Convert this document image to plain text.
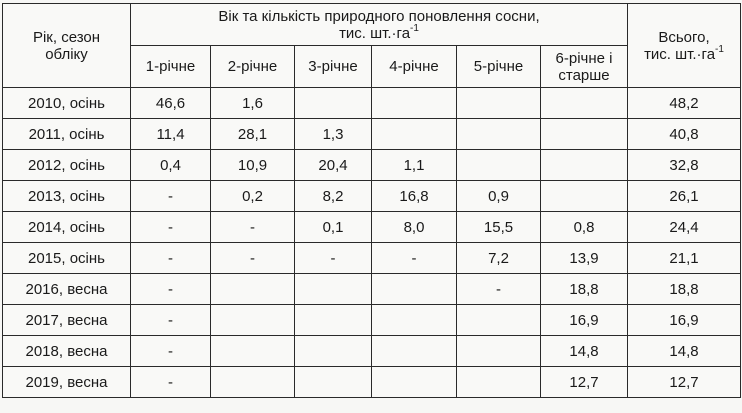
Рік, сезон
обліку	Вік та кількість природного поновлення сосни,
тис. $шт.\cdot га^{-1}$						Всього,
тис. $шт.\cdot га^{-1}$

	1-річне	2-річне	3-річне	4-річне	5-річне	6-річне і
старше	

2010, осінь	46,6	1,6					48,2
2011, осінь	11,4	28,1	1,3				40,8
2012, осінь	0,4	10,9	20,4	1,1			32,8
2013, осінь	-	0,2	8,2	16,8	0,9		26,1
2014, осінь	-	-	0,1	8,0	15,5	0,8	24,4
2015, осінь	-	-	-	-	7,2	13,9	21,1
2016, весна	-				-	18,8	18,8
2017, весна	-					16,9	16,9
2018, весна	-					14,8	14,8
2019, весна	-					12,7	12,7
